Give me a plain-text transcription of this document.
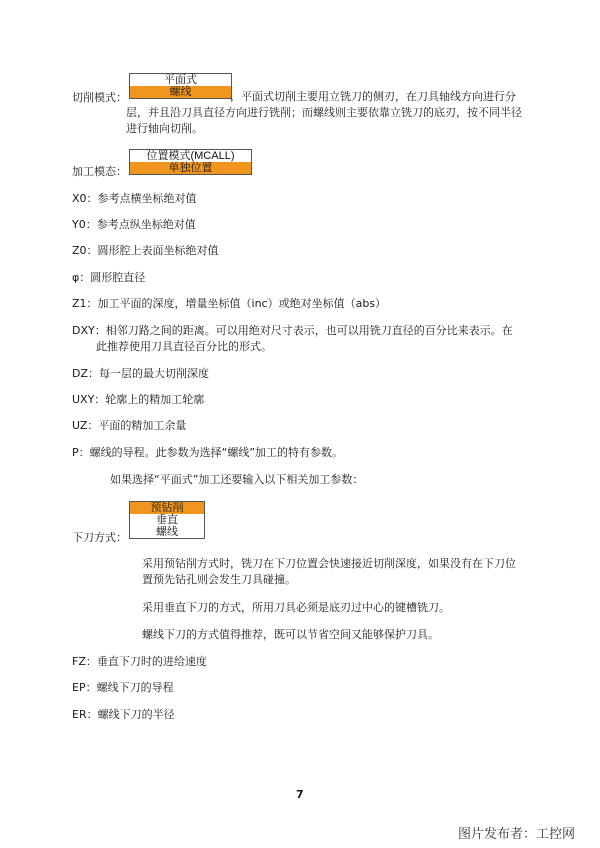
平面式
螺线
切削模式：	，平面式切削主要用立铣刀的侧刃，在刀具轴线方向进行分
层，并且沿刀具直径方向进行铣削；而螺线则主要依靠立铣刀的底刃，按不同半径
进行轴向切削。
位置模式(MCALL)
单独位置
加工模态：
X0：参考点横坐标绝对值
Y0：参考点纵坐标绝对值
Z0：圆形腔上表面坐标绝对值
φ：圆形腔直径
Z1：加工平面的深度，增量坐标值（inc）或绝对坐标值（abs）
DXY：相邻刀路之间的距离。可以用绝对尺寸表示，也可以用铣刀直径的百分比来表示。在
此推荐使用刀具直径百分比的形式。
DZ：每一层的最大切削深度
UXY：轮廓上的精加工轮廓
UZ：平面的精加工余量
P：螺线的导程。此参数为选择“螺线”加工的特有参数。
如果选择“平面式”加工还要输入以下相关加工参数：
预钻削
垂直
螺线
下刀方式：
采用预钻削方式时，铣刀在下刀位置会快速接近切削深度，如果没有在下刀位
置预先钻孔则会发生刀具碰撞。
采用垂直下刀的方式，所用刀具必须是底刃过中心的键槽铣刀。
螺线下刀的方式值得推荐，既可以节省空间又能够保护刀具。
FZ：垂直下刀时的进给速度
EP：螺线下刀的导程
ER：螺线下刀的半径
7
图片发布者：工控网
